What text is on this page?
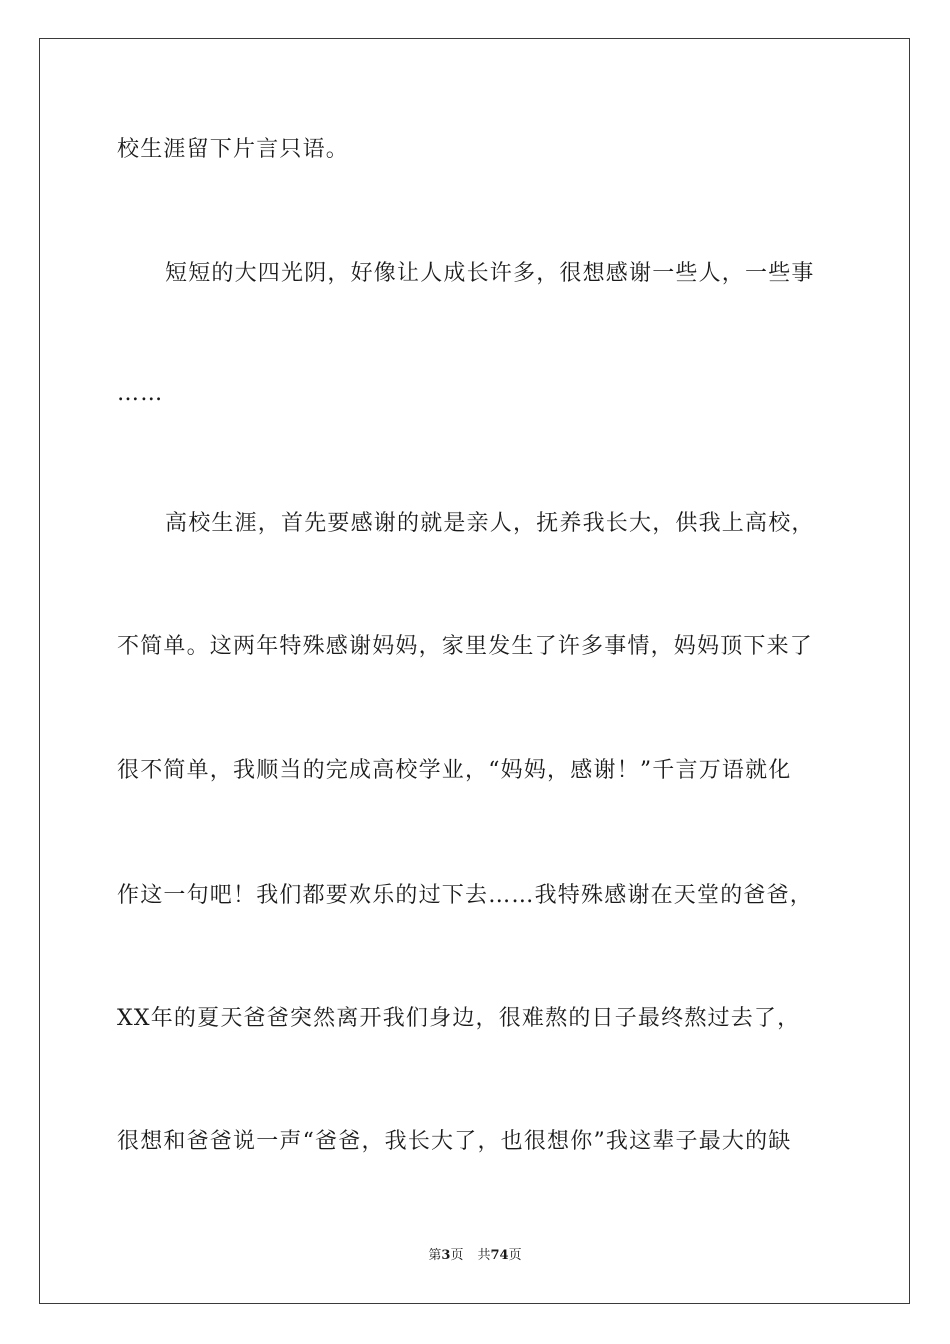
校生涯留下片言只语。
短短的大四光阴，好像让人成长许多，很想感谢一些人，一些事
……
高校生涯，首先要感谢的就是亲人，抚养我长大，供我上高校，
不简单。这两年特殊感谢妈妈，家里发生了许多事情，妈妈顶下来了
很不简单，我顺当的完成高校学业，“妈妈，感谢！”千言万语就化
作这一句吧！我们都要欢乐的过下去……我特殊感谢在天堂的爸爸，
XX年的夏天爸爸突然离开我们身边，很难熬的日子最终熬过去了，
很想和爸爸说一声“爸爸，我长大了，也很想你”我这辈子最大的缺
第3页 共74页
